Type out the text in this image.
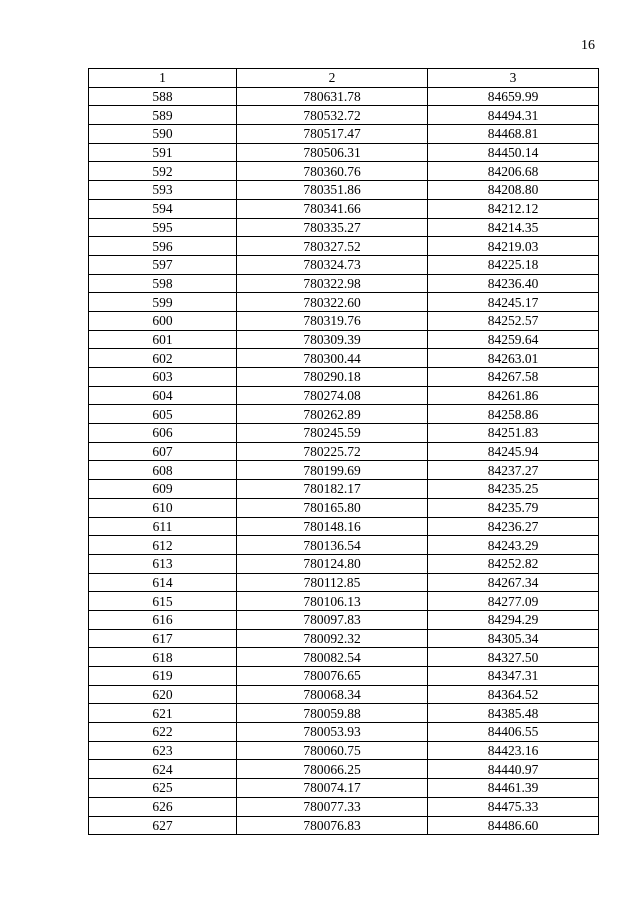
16
1	2	3
588	780631.78	84659.99
589	780532.72	84494.31
590	780517.47	84468.81
591	780506.31	84450.14
592	780360.76	84206.68
593	780351.86	84208.80
594	780341.66	84212.12
595	780335.27	84214.35
596	780327.52	84219.03
597	780324.73	84225.18
598	780322.98	84236.40
599	780322.60	84245.17
600	780319.76	84252.57
601	780309.39	84259.64
602	780300.44	84263.01
603	780290.18	84267.58
604	780274.08	84261.86
605	780262.89	84258.86
606	780245.59	84251.83
607	780225.72	84245.94
608	780199.69	84237.27
609	780182.17	84235.25
610	780165.80	84235.79
611	780148.16	84236.27
612	780136.54	84243.29
613	780124.80	84252.82
614	780112.85	84267.34
615	780106.13	84277.09
616	780097.83	84294.29
617	780092.32	84305.34
618	780082.54	84327.50
619	780076.65	84347.31
620	780068.34	84364.52
621	780059.88	84385.48
622	780053.93	84406.55
623	780060.75	84423.16
624	780066.25	84440.97
625	780074.17	84461.39
626	780077.33	84475.33
627	780076.83	84486.60
